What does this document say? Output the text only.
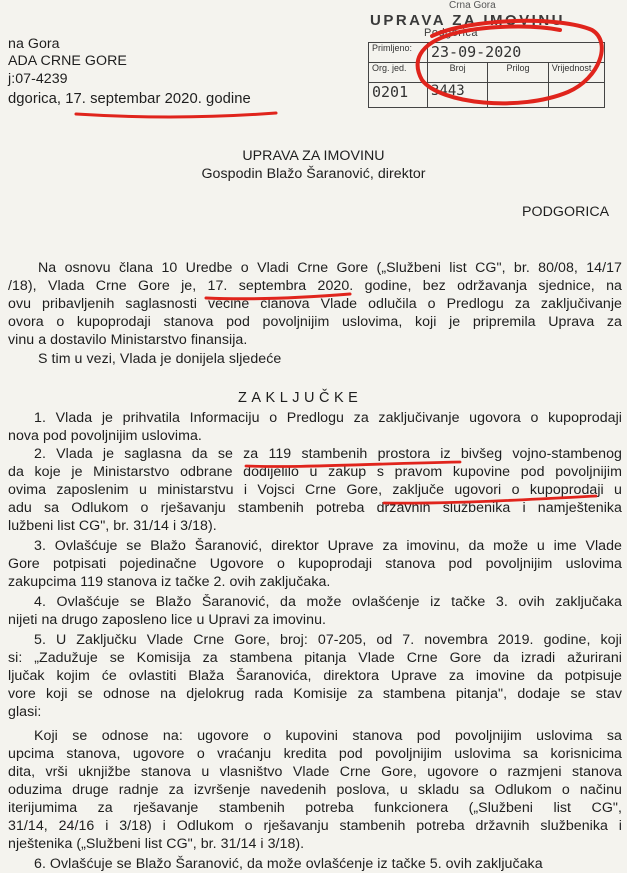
Crna Gora
UPRAVA ZA IMOVINU
Podgorica
Primljeno:	23-09-2020		
Org. jed.	Broj	Prilog	Vrijednost
0201	3443		
na Gora
ADA CRNE GORE
j:07-4239
dgorica, 17. septembar 2020. godine
UPRAVA ZA IMOVINU
Gospodin Blažo Šaranović, direktor
PODGORICA
Na osnovu člana 10 Uredbe o Vladi Crne Gore („Službeni list CG", br. 80/08, 14/17
/18), Vlada Crne Gore je, 17. septembra 2020. godine, bez održavanja sjednice, na
ovu pribavljenih saglasnosti većine članova Vlade odlučila o Predlogu za zaključivanje
ovora o kupoprodaji stanova pod povoljnijim uslovima, koji je pripremila Uprava za
vinu a dostavilo Ministarstvo finansija.
S tim u vezi, Vlada je donijela sljedeće
ZAKLJUČKE
1. Vlada je prihvatila Informaciju o Predlogu za zaključivanje ugovora o kupoprodaji
nova pod povoljnijim uslovima.
2. Vlada je saglasna da se za 119 stambenih prostora iz bivšeg vojno-stambenog
da koje je Ministarstvo odbrane dodijelilo u zakup s pravom kupovine pod povoljnijim
ovima zaposlenim u ministarstvu i Vojsci Crne Gore, zaključe ugovori o kupoprodaji u
adu sa Odlukom o rješavanju stambenih potreba državnih službenika i namještenika
lužbeni list CG", br. 31/14 i 3/18).
3. Ovlašćuje se Blažo Šaranović, direktor Uprave za imovinu, da može u ime Vlade
Gore potpisati pojedinačne Ugovore o kupoprodaji stanova pod povoljnijim uslovima
zakupcima 119 stanova iz tačke 2. ovih zaključaka.
4. Ovlašćuje se Blažo Šaranović, da može ovlašćenje iz tačke 3. ovih zaključaka
nijeti na drugo zaposleno lice u Upravi za imovinu.
5. U Zaključku Vlade Crne Gore, broj: 07-205, od 7. novembra 2019. godine, koji
si: „Zadužuje se Komisija za stambena pitanja Vlade Crne Gore da izradi ažurirani
ljučak kojim će ovlastiti Blaža Šaranovića, direktora Uprave za imovine da potpisuje
vore koji se odnose na djelokrug rada Komisije za stambena pitanja", dodaje se stav
glasi:
Koji se odnose na: ugovore o kupovini stanova pod povoljnijim uslovima sa
upcima stanova, ugovore o vraćanju kredita pod povoljnijim uslovima sa korisnicima
dita, vrši uknjižbe stanova u vlasništvo Vlade Crne Gore, ugovore o razmjeni stanova
oduzima druge radnje za izvršenje navedenih poslova, u skladu sa Odlukom o načinu
iterijumima za rješavanje stambenih potreba funkcionera („Službeni list CG",
31/14, 24/16 i 3/18) i Odlukom o rješavanju stambenih potreba državnih službenika i
nještenika („Službeni list CG", br. 31/14 i 3/18).
6. Ovlašćuje se Blažo Šaranović, da može ovlašćenje iz tačke 5. ovih zaključaka
